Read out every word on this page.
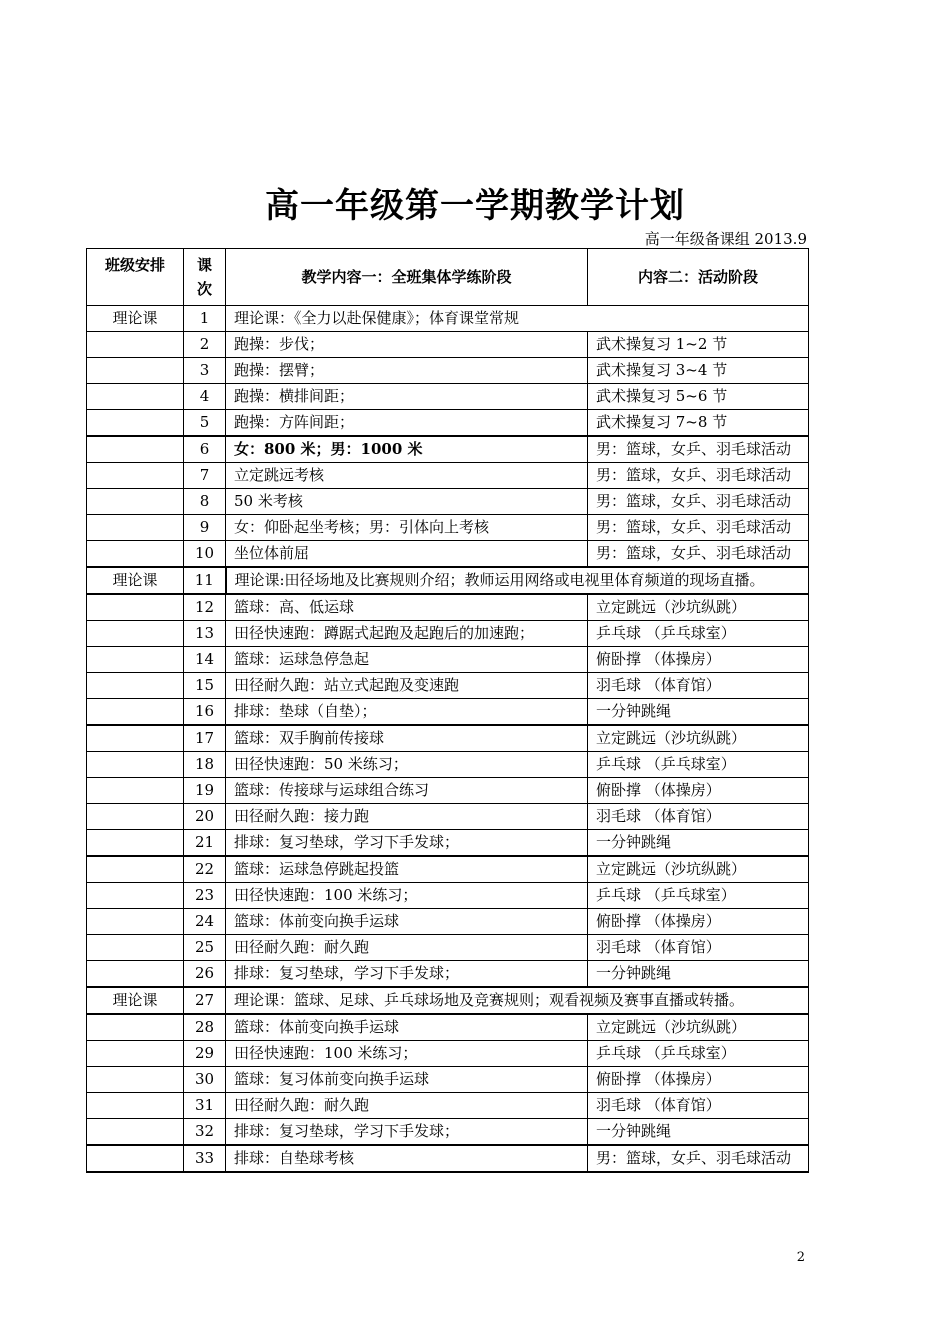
高一年级第一学期教学计划
高一年级备课组 2013.9
班级安排	课次	教学内容一：全班集体学练阶段	内容二：活动阶段
理论课	1	理论课：《全力以赴保健康》；体育课堂常规	
	2	跑操：步伐；	武术操复习 1~2 节
	3	跑操：摆臂；	武术操复习 3~4 节
	4	跑操：横排间距；	武术操复习 5~6 节
	5	跑操：方阵间距；	武术操复习 7~8 节
	6	女：800 米；男：1000 米	男：篮球，女乒、羽毛球活动
	7	立定跳远考核	男：篮球，女乒、羽毛球活动
	8	50 米考核	男：篮球，女乒、羽毛球活动
	9	女：仰卧起坐考核；男：引体向上考核	男：篮球，女乒、羽毛球活动
	10	坐位体前屈	男：篮球，女乒、羽毛球活动
理论课	11	理论课:田径场地及比赛规则介绍；教师运用网络或电视里体育频道的现场直播。	
	12	篮球：高、低运球	立定跳远（沙坑纵跳）
	13	田径快速跑：蹲踞式起跑及起跑后的加速跑；	乒乓球 （乒乓球室）
	14	篮球：运球急停急起	俯卧撑 （体操房）
	15	田径耐久跑：站立式起跑及变速跑	羽毛球 （体育馆）
	16	排球：垫球（自垫）；	一分钟跳绳
	17	篮球：双手胸前传接球	立定跳远（沙坑纵跳）
	18	田径快速跑：50 米练习；	乒乓球 （乒乓球室）
	19	篮球：传接球与运球组合练习	俯卧撑 （体操房）
	20	田径耐久跑：接力跑	羽毛球 （体育馆）
	21	排球：复习垫球，学习下手发球；	一分钟跳绳
	22	篮球：运球急停跳起投篮	立定跳远（沙坑纵跳）
	23	田径快速跑：100 米练习；	乒乓球 （乒乓球室）
	24	篮球：体前变向换手运球	俯卧撑 （体操房）
	25	田径耐久跑：耐久跑	羽毛球 （体育馆）
	26	排球：复习垫球，学习下手发球；	一分钟跳绳
理论课	27	理论课：篮球、足球、乒乓球场地及竞赛规则；观看视频及赛事直播或转播。	
	28	篮球：体前变向换手运球	立定跳远（沙坑纵跳）
	29	田径快速跑：100 米练习；	乒乓球 （乒乓球室）
	30	篮球：复习体前变向换手运球	俯卧撑 （体操房）
	31	田径耐久跑：耐久跑	羽毛球 （体育馆）
	32	排球：复习垫球，学习下手发球；	一分钟跳绳
	33	排球：自垫球考核	男：篮球，女乒、羽毛球活动
2
